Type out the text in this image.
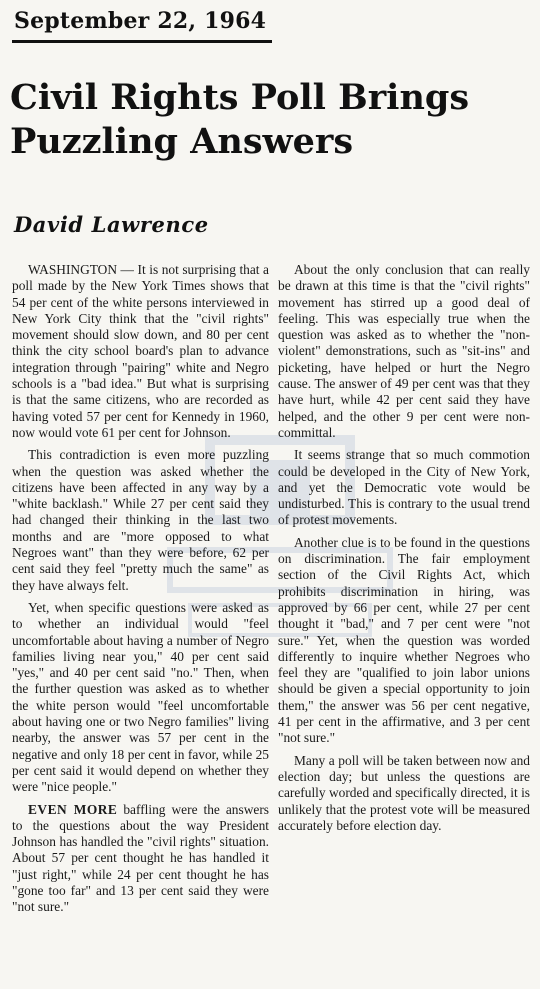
September 22, 1964
Civil Rights Poll Brings Puzzling Answers
David Lawrence

WASHINGTON — It is not surprising that a poll made by the New York Times shows that 54 per cent of the white persons interviewed in New York City think that the "civil rights" movement should slow down, and 80 per cent think the city school board's plan to advance integration through "pairing" white and Negro schools is a "bad idea." But what is surprising is that the same citizens, who are recorded as having voted 57 per cent for Kennedy in 1960, now would vote 61 per cent for Johnson.

This contradiction is even more puzzling when the question was asked whether the citizens have been affected in any way by a "white backlash." While 27 per cent said they had changed their thinking in the last two months and are "more opposed to what Negroes want" than they were before, 62 per cent said they feel "pretty much the same" as they have always felt.

Yet, when specific questions were asked as to whether an individual would "feel uncomfortable about having a number of Negro families living near you," 40 per cent said "yes," and 40 per cent said "no." Then, when the further question was asked as to whether the white person would "feel uncomfortable about having one or two Negro families" living nearby, the answer was 57 per cent in the negative and only 18 per cent in favor, while 25 per cent said it would depend on whether they were "nice people."

EVEN MORE baffling were the answers to the questions about the way President Johnson has handled the "civil rights" situation. About 57 per cent thought he has handled it "just right," while 24 per cent thought he has "gone too far" and 13 per cent said they were "not sure."

About the only conclusion that can really be drawn at this time is that the "civil rights" movement has stirred up a good deal of feeling. This was especially true when the question was asked as to whether the "non-violent" demonstrations, such as "sit-ins" and picketing, have helped or hurt the Negro cause. The answer of 49 per cent was that they have hurt, while 42 per cent said they have helped, and the other 9 per cent were non-committal.

It seems strange that so much commotion could be developed in the City of New York, and yet the Democratic vote would be undisturbed. This is contrary to the usual trend of protest movements.

Another clue is to be found in the questions on discrimination. The fair employment section of the Civil Rights Act, which prohibits discrimination in hiring, was approved by 66 per cent, while 27 per cent thought it "bad," and 7 per cent were "not sure." Yet, when the question was worded differently to inquire whether Negroes who feel they are "qualified to join labor unions should be given a special opportunity to join them," the answer was 56 per cent negative, 41 per cent in the affirmative, and 3 per cent "not sure."

Many a poll will be taken between now and election day; but unless the questions are carefully worded and specifically directed, it is unlikely that the protest vote will be measured accurately before election day.
